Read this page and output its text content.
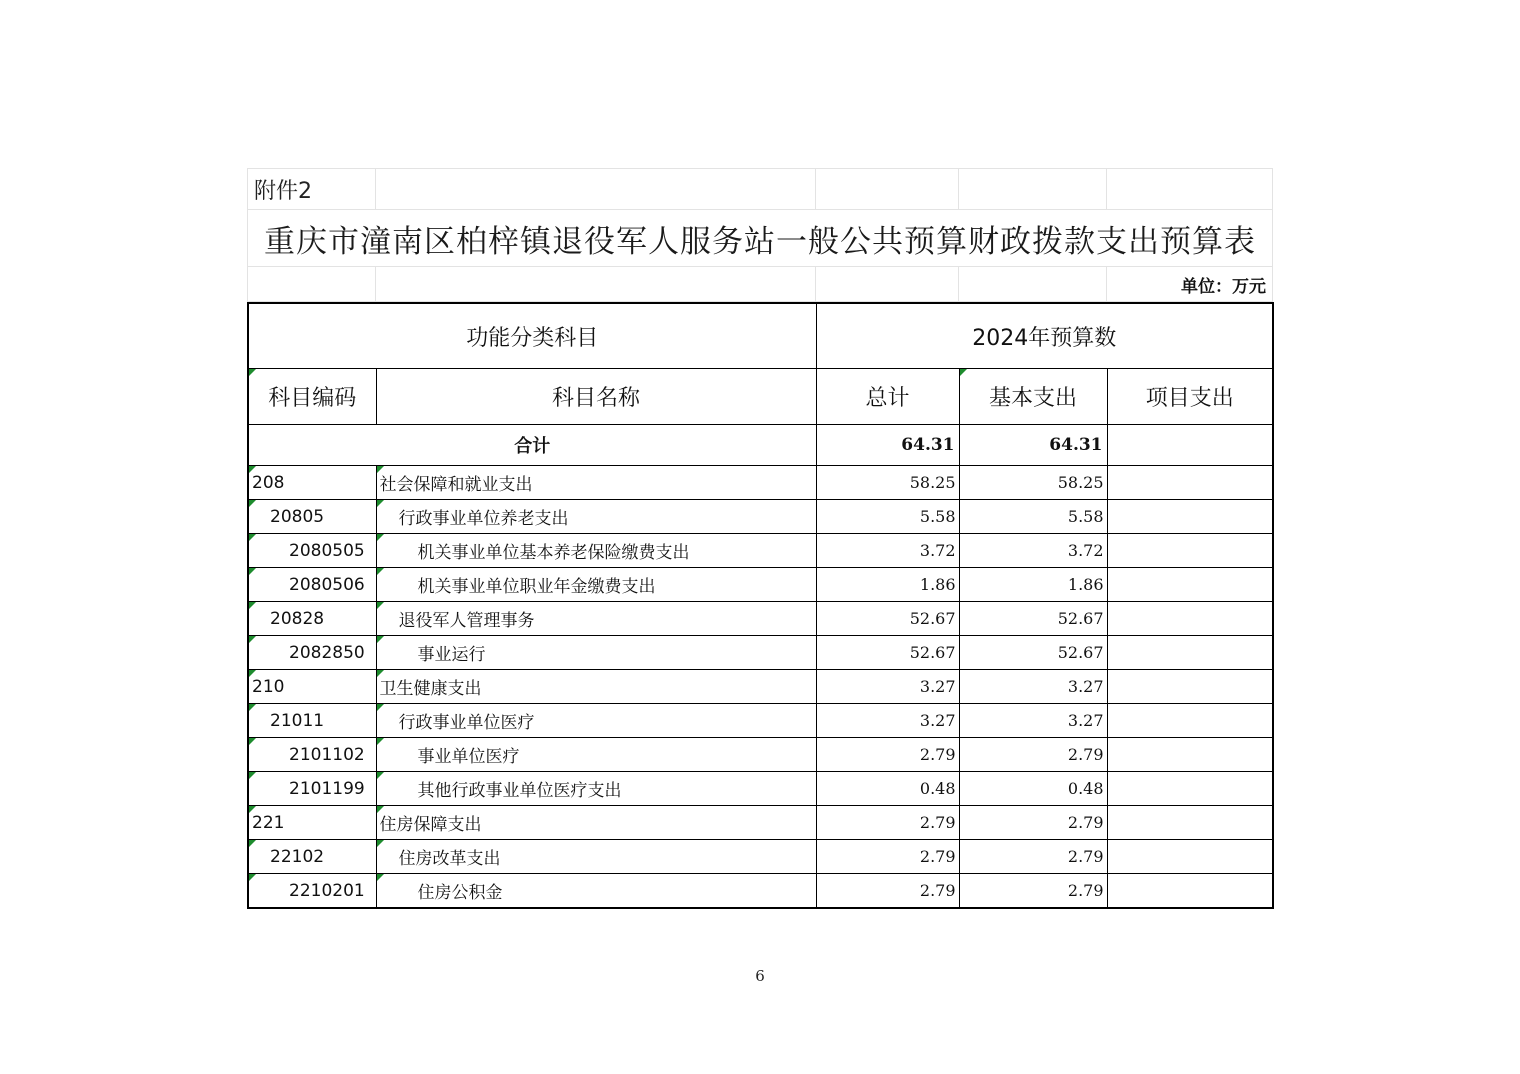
附件2				
重庆市潼南区柏梓镇退役军人服务站一般公共预算财政拨款支出预算表				
				单位：万元
功能分类科目		2024年预算数		
科目编码	科目名称	总计	基本支出	项目支出
合计		64.31	64.31	
208	社会保障和就业支出	58.25	58.25	
20805	行政事业单位养老支出	5.58	5.58	
2080505	机关事业单位基本养老保险缴费支出	3.72	3.72	
2080506	机关事业单位职业年金缴费支出	1.86	1.86	
20828	退役军人管理事务	52.67	52.67	
2082850	事业运行	52.67	52.67	
210	卫生健康支出	3.27	3.27	
21011	行政事业单位医疗	3.27	3.27	
2101102	事业单位医疗	2.79	2.79	
2101199	其他行政事业单位医疗支出	0.48	0.48	
221	住房保障支出	2.79	2.79	
22102	住房改革支出	2.79	2.79	
2210201	住房公积金	2.79	2.79	
6
